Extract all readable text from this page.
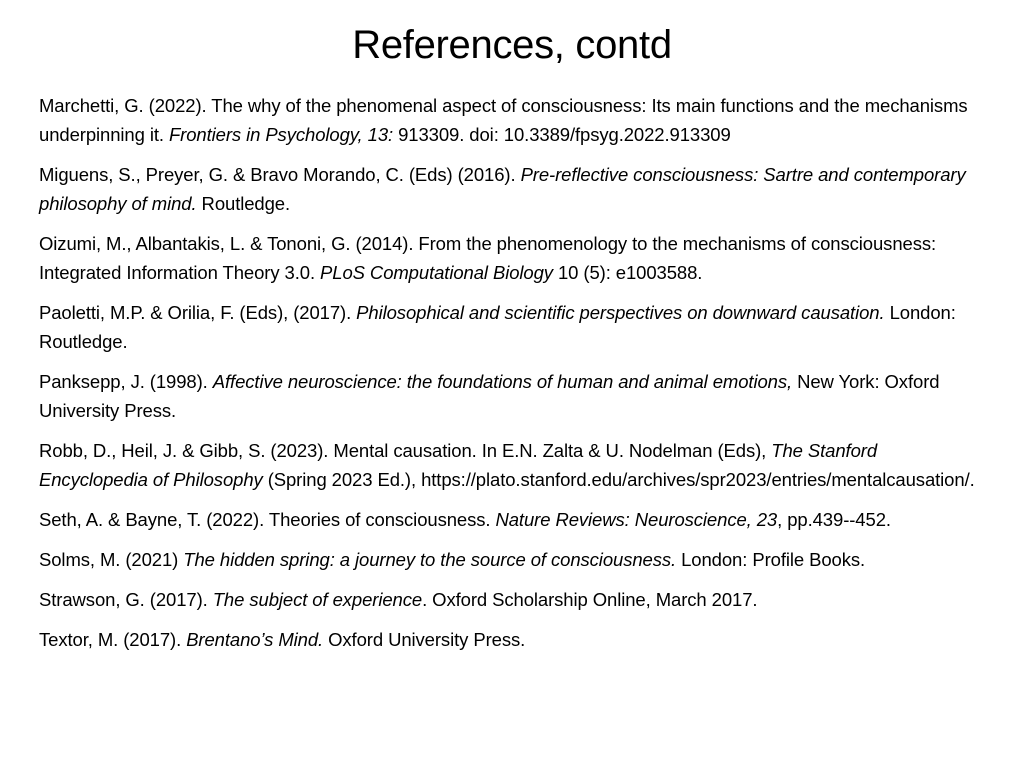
References, contd

Marchetti, G. (2022). The why of the phenomenal aspect of consciousness: Its main functions and the mechanisms underpinning it. Frontiers in Psychology, 13: 913309. doi: 10.3389/fpsyg.2022.913309

Miguens, S., Preyer, G. & Bravo Morando, C. (Eds) (2016). Pre-reflective consciousness: Sartre and contemporary philosophy of mind. Routledge.

Oizumi, M., Albantakis, L. & Tononi, G. (2014). From the phenomenology to the mechanisms of consciousness: Integrated Information Theory 3.0. PLoS Computational Biology 10 (5): e1003588.

Paoletti, M.P. & Orilia, F. (Eds), (2017). Philosophical and scientific perspectives on downward causation. London: Routledge.

Panksepp, J. (1998). Affective neuroscience: the foundations of human and animal emotions, New York: Oxford University Press.

Robb, D., Heil, J. & Gibb, S. (2023). Mental causation. In E.N. Zalta & U. Nodelman (Eds), The Stanford Encyclopedia of Philosophy (Spring 2023 Ed.), https://plato.stanford.edu/archives/spr2023/entries/mentalcausation/.

Seth, A. & Bayne, T. (2022). Theories of consciousness. Nature Reviews: Neuroscience, 23, pp.439--452.

Solms, M. (2021) The hidden spring: a journey to the source of consciousness. London: Profile Books.

Strawson, G. (2017). The subject of experience. Oxford Scholarship Online, March 2017.

Textor, M. (2017). Brentano’s Mind. Oxford University Press.
